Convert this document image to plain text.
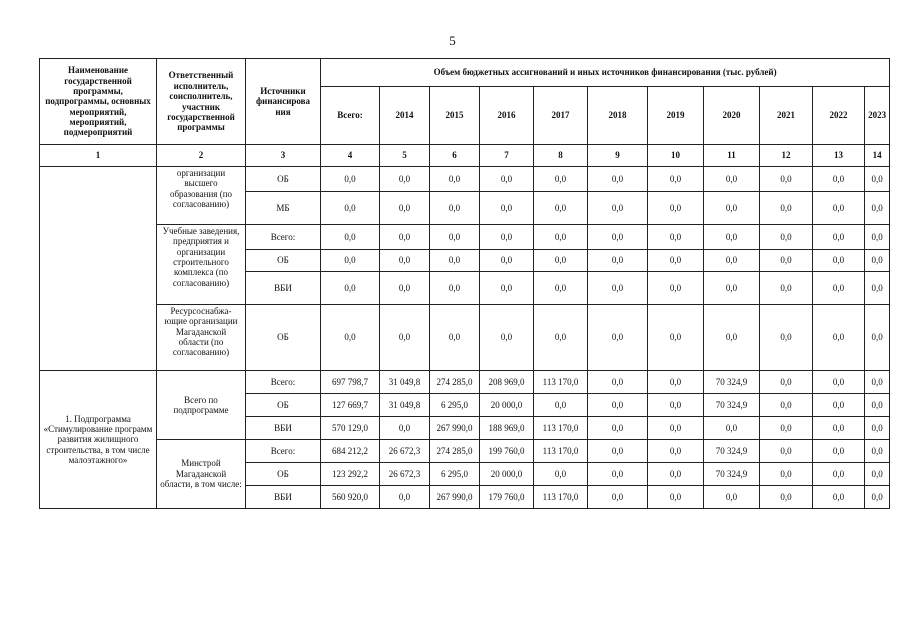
5
Наименование государственной программы, подпрограммы, основных мероприятий, мероприятий, подмероприятий	Ответственный исполнитель, соисполнитель, участник государственной программы	Источники финансирова ния	Объем бюджетных ассигнований и иных источников финансирования (тыс. рублей)										
			Всего:	2014	2015	2016	2017	2018	2019	2020	2021	2022	2023
1	2	3	4	5	6	7	8	9	10	11	12	13	14
	организации высшего образования (по согласованию)	ОБ	0,0	0,0	0,0	0,0	0,0	0,0	0,0	0,0	0,0	0,0	0,0
		МБ	0,0	0,0	0,0	0,0	0,0	0,0	0,0	0,0	0,0	0,0	0,0
	Учебные заведения, предприятия и организации строительного комплекса (по согласованию)	Всего:	0,0	0,0	0,0	0,0	0,0	0,0	0,0	0,0	0,0	0,0	0,0
		ОБ	0,0	0,0	0,0	0,0	0,0	0,0	0,0	0,0	0,0	0,0	0,0
		ВБИ	0,0	0,0	0,0	0,0	0,0	0,0	0,0	0,0	0,0	0,0	0,0
	Ресурсоснабжа-ющие организации Магаданской области (по согласованию)	ОБ	0,0	0,0	0,0	0,0	0,0	0,0	0,0	0,0	0,0	0,0	0,0
1. Подпрограмма «Стимулирование программ развития жилищного строительства, в том числе малоэтажного»	Всего по подпрограмме	Всего:	697 798,7	31 049,8	274 285,0	208 969,0	113 170,0	0,0	0,0	70 324,9	0,0	0,0	0,0
		ОБ	127 669,7	31 049,8	6 295,0	20 000,0	0,0	0,0	0,0	70 324,9	0,0	0,0	0,0
		ВБИ	570 129,0	0,0	267 990,0	188 969,0	113 170,0	0,0	0,0	0,0	0,0	0,0	0,0
	Минстрой Магаданской области, в том числе:	Всего:	684 212,2	26 672,3	274 285,0	199 760,0	113 170,0	0,0	0,0	70 324,9	0,0	0,0	0,0
		ОБ	123 292,2	26 672,3	6 295,0	20 000,0	0,0	0,0	0,0	70 324,9	0,0	0,0	0,0
		ВБИ	560 920,0	0,0	267 990,0	179 760,0	113 170,0	0,0	0,0	0,0	0,0	0,0	0,0
